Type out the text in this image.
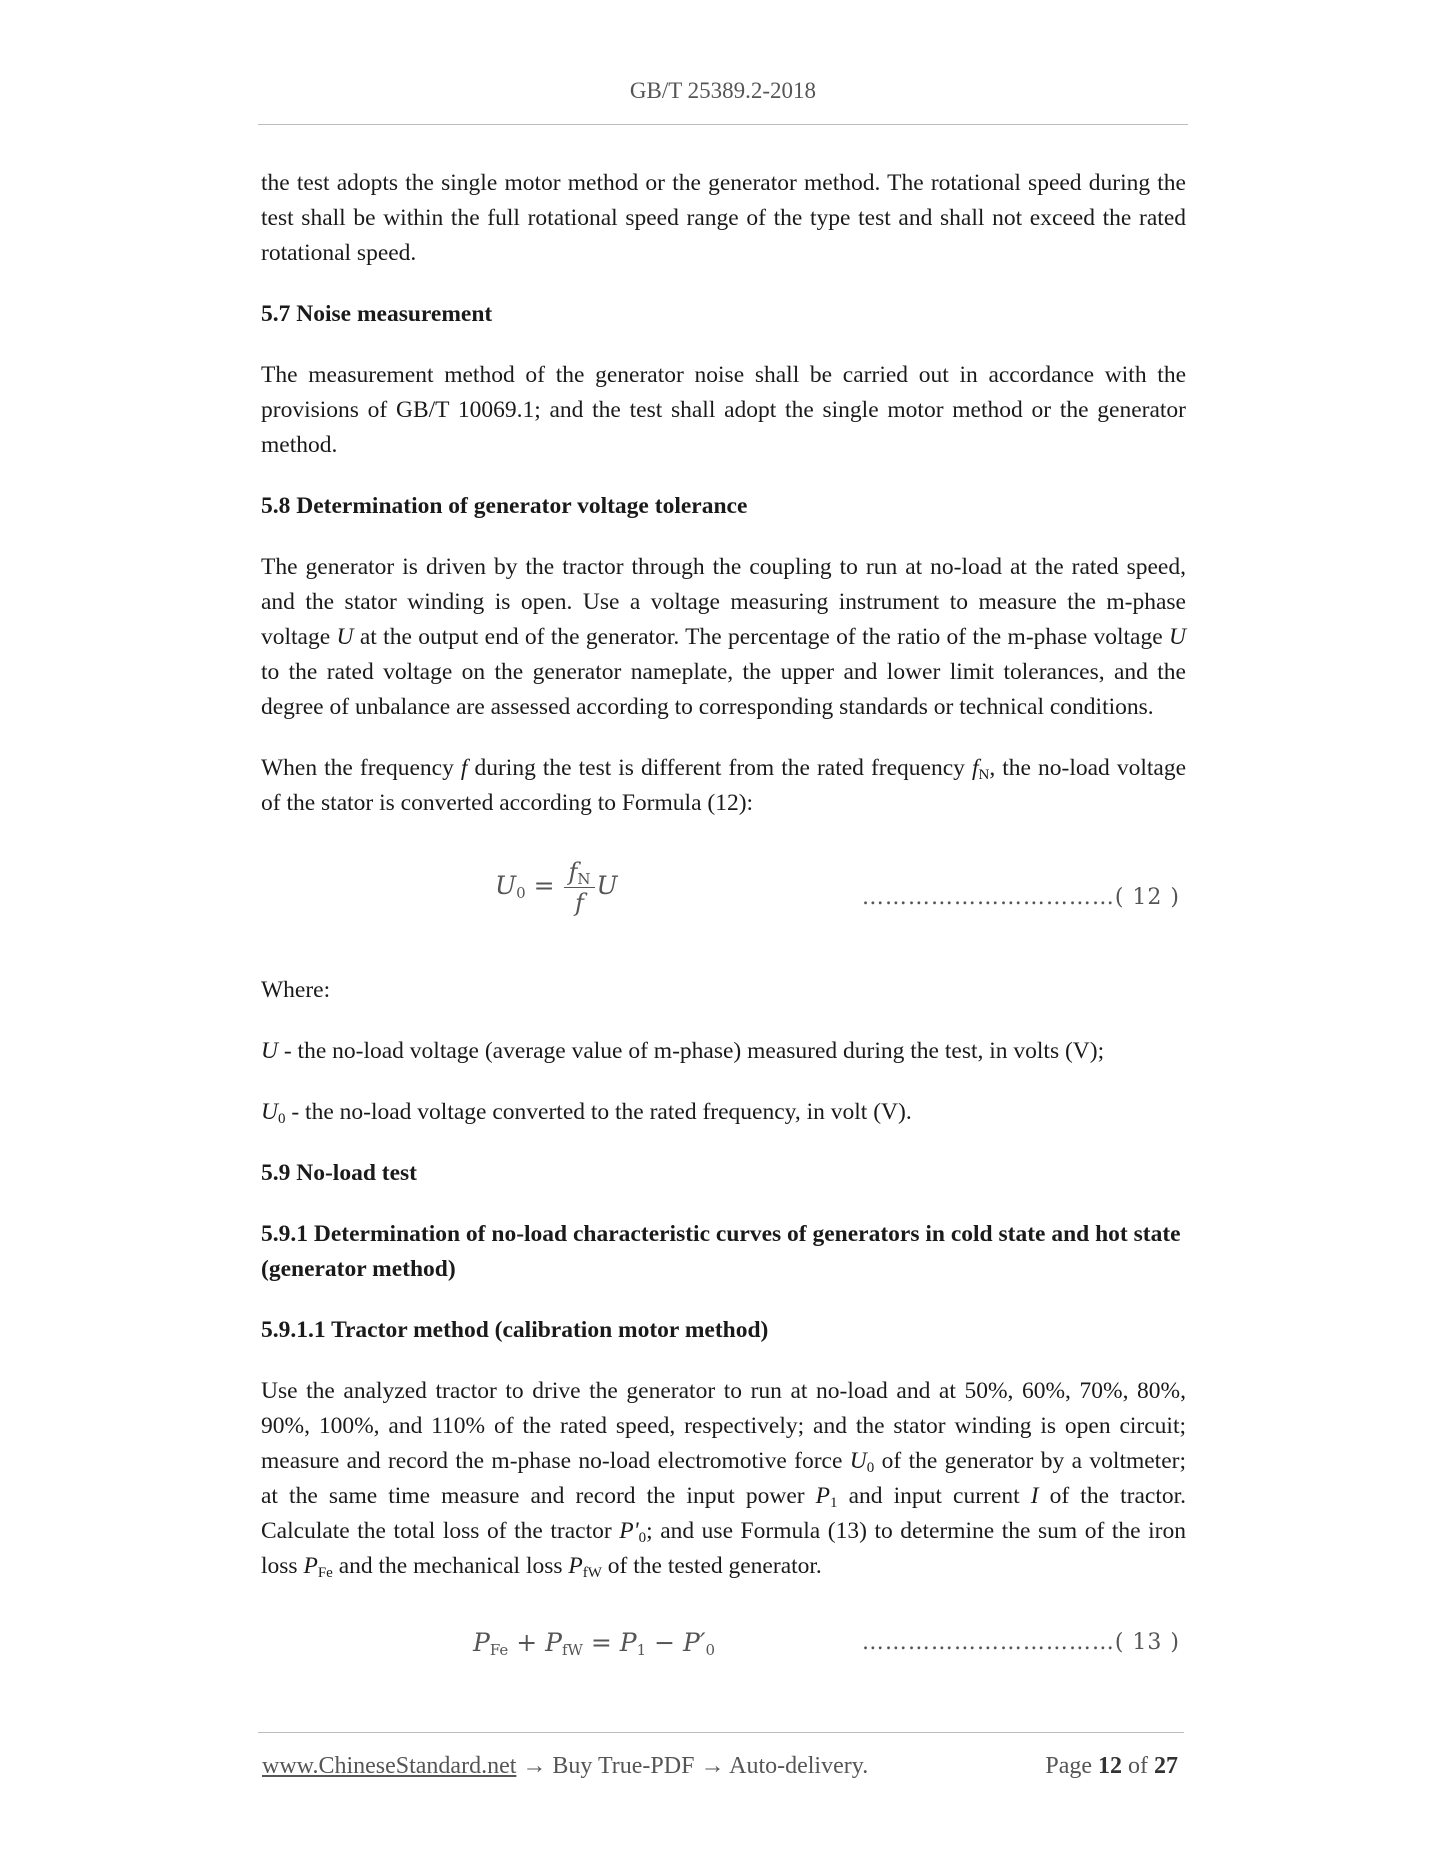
GB/T 25389.2-2018

the test adopts the single motor method or the generator method. The rotational speed during the test shall be within the full rotational speed range of the type test and shall not exceed the rated rotational speed.

5.7 Noise measurement

The measurement method of the generator noise shall be carried out in accordance with the provisions of GB/T 10069.1; and the test shall adopt the single motor method or the generator method.

5.8 Determination of generator voltage tolerance

The generator is driven by the tractor through the coupling to run at no-load at the rated speed, and the stator winding is open. Use a voltage measuring instrument to measure the m-phase voltage U at the output end of the generator. The percentage of the ratio of the m-phase voltage U to the rated voltage on the generator nameplate, the upper and lower limit tolerances, and the degree of unbalance are assessed according to corresponding standards or technical conditions.

When the frequency f during the test is different from the rated frequency $f_N$, the no-load voltage of the stator is converted according to Formula (12):

$U_0 = \frac{f_N}{f}$ U	……………………………( 12 )

Where:

U - the no-load voltage (average value of m-phase) measured during the test, in volts (V);

$U_0$ - the no-load voltage converted to the rated frequency, in volt (V).

5.9 No-load test
5.9.1 Determination of no-load characteristic curves of generators in cold state and hot state (generator method)
5.9.1.1 Tractor method (calibration motor method)

Use the analyzed tractor to drive the generator to run at no-load and at 50%, 60%, 70%, 80%, 90%, 100%, and 110% of the rated speed, respectively; and the stator winding is open circuit; measure and record the m-phase no-load electromotive force $U_0$ of the generator by a voltmeter; at the same time measure and record the input power $P_1$ and input current I of the tractor. Calculate the total loss of the tractor $P'_0$; and use Formula (13) to determine the sum of the iron loss $P_{Fe}$ and the mechanical loss $P_{fW}$ of the tested generator.

$P_{Fe} + P_{fW} = P_1 - P'_0$	……………………………( 13 )
www.ChineseStandard.net → Buy True-PDF → Auto-delivery.	Page 12 of 27
